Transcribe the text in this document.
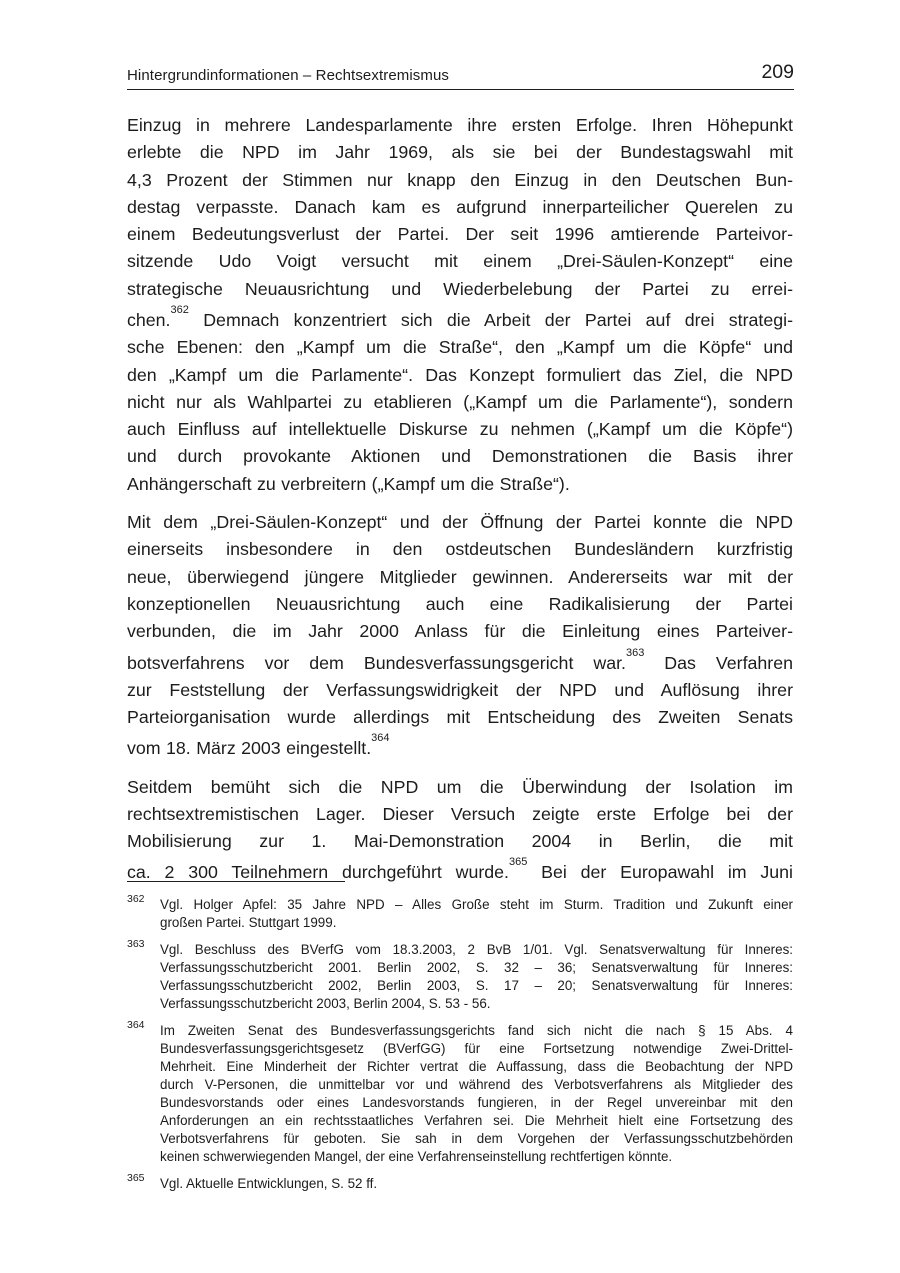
Hintergrundinformationen – Rechtsextremismus	209
Einzug in mehrere Landesparlamente ihre ersten Erfolge. Ihren Höhepunkt
erlebte die NPD im Jahr 1969, als sie bei der Bundestagswahl mit
4,3 Prozent der Stimmen nur knapp den Einzug in den Deutschen Bun-
destag verpasste. Danach kam es aufgrund innerparteilicher Querelen zu
einem Bedeutungsverlust der Partei. Der seit 1996 amtierende Parteivor-
sitzende Udo Voigt versucht mit einem „Drei-Säulen-Konzept“ eine
strategische Neuausrichtung und Wiederbelebung der Partei zu errei-
chen.$^{362}$ Demnach konzentriert sich die Arbeit der Partei auf drei strategi-
sche Ebenen: den „Kampf um die Straße“, den „Kampf um die Köpfe“ und
den „Kampf um die Parlamente“. Das Konzept formuliert das Ziel, die NPD
nicht nur als Wahlpartei zu etablieren („Kampf um die Parlamente“), sondern
auch Einfluss auf intellektuelle Diskurse zu nehmen („Kampf um die Köpfe“)
und durch provokante Aktionen und Demonstrationen die Basis ihrer
Anhängerschaft zu verbreitern („Kampf um die Straße“).
Mit dem „Drei-Säulen-Konzept“ und der Öffnung der Partei konnte die NPD
einerseits insbesondere in den ostdeutschen Bundesländern kurzfristig
neue, überwiegend jüngere Mitglieder gewinnen. Andererseits war mit der
konzeptionellen Neuausrichtung auch eine Radikalisierung der Partei
verbunden, die im Jahr 2000 Anlass für die Einleitung eines Parteiver-
botsverfahrens vor dem Bundesverfassungsgericht war.$^{363}$ Das Verfahren
zur Feststellung der Verfassungswidrigkeit der NPD und Auflösung ihrer
Parteiorganisation wurde allerdings mit Entscheidung des Zweiten Senats
vom 18. März 2003 eingestellt.$^{364}$
Seitdem bemüht sich die NPD um die Überwindung der Isolation im
rechtsextremistischen Lager. Dieser Versuch zeigte erste Erfolge bei der
Mobilisierung zur 1. Mai-Demonstration 2004 in Berlin, die mit
ca. 2 300 Teilnehmern durchgeführt wurde.$^{365}$ Bei der Europawahl im Juni
362 Vgl. Holger Apfel: 35 Jahre NPD – Alles Große steht im Sturm. Tradition und Zukunft einer
großen Partei. Stuttgart 1999.
363 Vgl. Beschluss des BVerfG vom 18.3.2003, 2 BvB 1/01. Vgl. Senatsverwaltung für Inneres:
Verfassungsschutzbericht 2001. Berlin 2002, S. 32 – 36; Senatsverwaltung für Inneres:
Verfassungsschutzbericht 2002, Berlin 2003, S. 17 – 20; Senatsverwaltung für Inneres:
Verfassungsschutzbericht 2003, Berlin 2004, S. 53 - 56.
364 Im Zweiten Senat des Bundesverfassungsgerichts fand sich nicht die nach § 15 Abs. 4
Bundesverfassungsgerichtsgesetz (BVerfGG) für eine Fortsetzung notwendige Zwei-Drittel-
Mehrheit. Eine Minderheit der Richter vertrat die Auffassung, dass die Beobachtung der NPD
durch V-Personen, die unmittelbar vor und während des Verbotsverfahrens als Mitglieder des
Bundesvorstands oder eines Landesvorstands fungieren, in der Regel unvereinbar mit den
Anforderungen an ein rechtsstaatliches Verfahren sei. Die Mehrheit hielt eine Fortsetzung des
Verbotsverfahrens für geboten. Sie sah in dem Vorgehen der Verfassungsschutzbehörden
keinen schwerwiegenden Mangel, der eine Verfahrenseinstellung rechtfertigen könnte.
365 Vgl. Aktuelle Entwicklungen, S. 52 ff.
